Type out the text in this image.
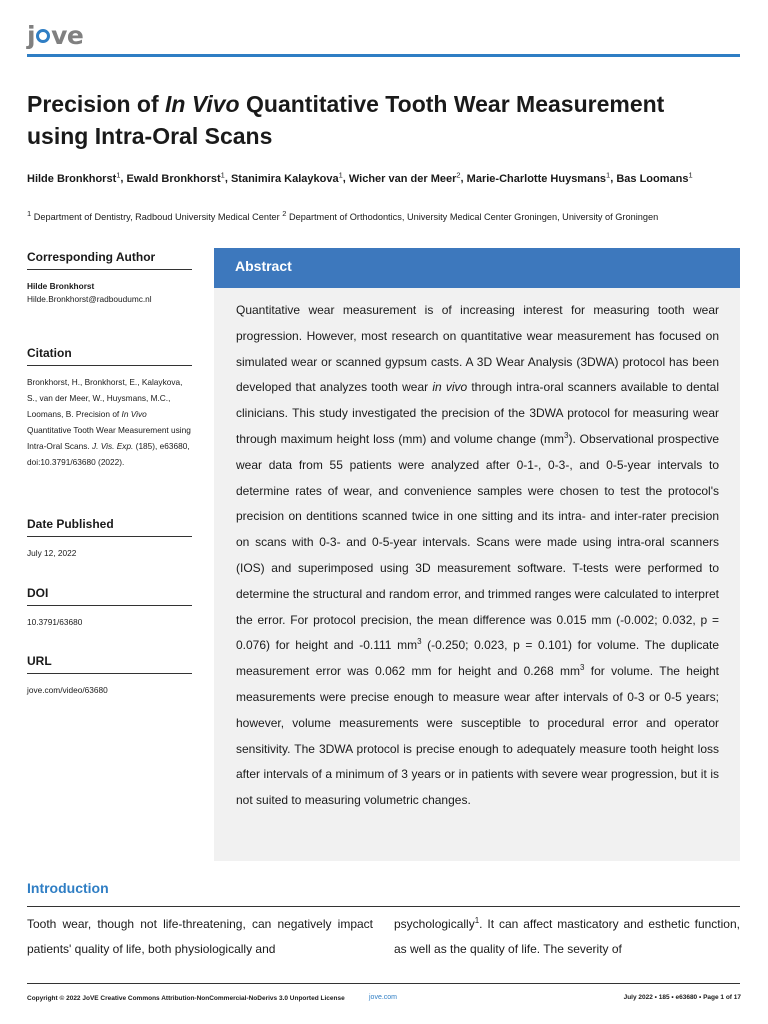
j ve
Precision of In Vivo Quantitative Tooth Wear Measurement using Intra-Oral Scans
Hilde Bronkhorst$^1$, Ewald Bronkhorst$^1$, Stanimira Kalaykova$^1$, Wicher van der Meer$^2$, Marie-Charlotte Huysmans$^1$, Bas Loomans$^1$
$^1$ Department of Dentistry, Radboud University Medical Center $^2$ Department of Orthodontics, University Medical Center Groningen, University of Groningen
Corresponding Author
Hilde Bronkhorst
Hilde.Bronkhorst@radboudumc.nl
Citation
Bronkhorst, H., Bronkhorst, E., Kalaykova, S., van der Meer, W., Huysmans, M.C., Loomans, B. Precision of In Vivo Quantitative Tooth Wear Measurement using Intra-Oral Scans. J. Vis. Exp. (185), e63680, doi:10.3791/63680 (2022).
Date Published
July 12, 2022
DOI
10.3791/63680
URL
jove.com/video/63680
Abstract
Quantitative wear measurement is of increasing interest for measuring tooth wear progression. However, most research on quantitative wear measurement has focused on simulated wear or scanned gypsum casts. A 3D Wear Analysis (3DWA) protocol has been developed that analyzes tooth wear in vivo through intra-oral scanners available to dental clinicians. This study investigated the precision of the 3DWA protocol for measuring wear through maximum height loss (mm) and volume change $(mm^3)$. Observational prospective wear data from 55 patients were analyzed after 0-1-, 0-3-, and 0-5-year intervals to determine rates of wear, and convenience samples were chosen to test the protocol's precision on dentitions scanned twice in one sitting and its intra- and inter-rater precision on scans with 0-3- and 0-5-year intervals. Scans were made using intra-oral scanners (IOS) and superimposed using 3D measurement software. T-tests were performed to determine the structural and random error, and trimmed ranges were calculated to interpret the error. For protocol precision, the mean difference was 0.015 mm (-0.002; 0.032, p = 0.076) for height and -0.111 $mm^3$ (-0.250; 0.023, p = 0.101) for volume. The duplicate measurement error was 0.062 mm for height and 0.268 $mm^3$ for volume. The height measurements were precise enough to measure wear after intervals of 0-3 or 0-5 years; however, volume measurements were susceptible to procedural error and operator sensitivity. The 3DWA protocol is precise enough to adequately measure tooth height loss after intervals of a minimum of 3 years or in patients with severe wear progression, but it is not suited to measuring volumetric changes.
Introduction
Tooth wear, though not life-threatening, can negatively impact patients' quality of life, both physiologically and
psychologically$^1$. It can affect masticatory and esthetic function, as well as the quality of life. The severity of
Copyright © 2022 JoVE Creative Commons Attribution-NonCommercial-NoDerivs 3.0 Unported License	jove.com	July 2022 • 185 • e63680 • Page 1 of 17
